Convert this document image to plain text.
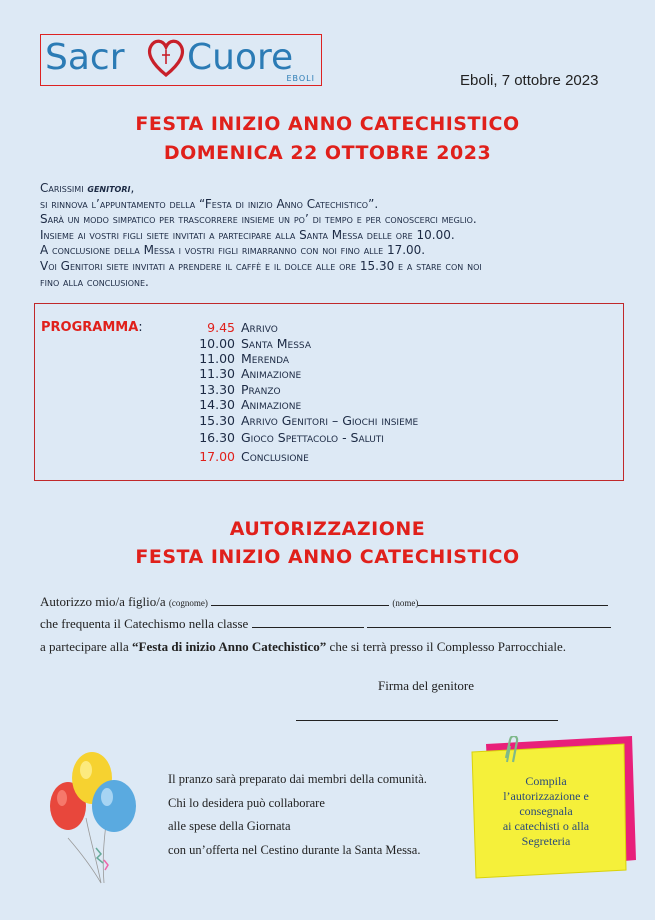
Sacr Cuore
EBOLI	Eboli, 7 ottobre 2023
FESTA INIZIO ANNO CATECHISTICO
DOMENICA 22 OTTOBRE 2023

Carissimi genitori,

si rinnova l’appuntamento della “Festa di inizio Anno Catechistico”.

Sarà un modo simpatico per trascorrere insieme un po’ di tempo e per conoscerci meglio.

Insieme ai vostri figli siete invitati a partecipare alla Santa Messa delle ore 10.00.

A conclusione della Messa i vostri figli rimarranno con noi fino alle 17.00.

Voi Genitori siete invitati a prendere il caffè e il dolce alle ore 15.30 e a stare con noi

fino alla conclusione.

PROGRAMMA:	9.45 Arrivo
10.00 Santa Messa
11.00 Merenda
11.30 Animazione
13.30 Pranzo
14.30 Animazione
15.30 Arrivo Genitori – Giochi insieme
16.30 Gioco Spettacolo - Saluti
17.00 Conclusione
AUTORIZZAZIONE
FESTA INIZIO ANNO CATECHISTICO
Autorizzo mio/a figlio/a (cognome)	(nome)
che frequenta il Catechismo nella classe
a partecipare alla “Festa di inizio Anno Catechistico” che si terrà presso il Complesso Parrocchiale.
Firma del genitore

Il pranzo sarà preparato dai membri della comunità.

Chi lo desidera può collaborare

alle spese della Giornata

con un’offerta nel Cestino durante la Santa Messa.

Compila

l’autorizzazione e

consegnala

ai catechisti o alla

Segreteria
